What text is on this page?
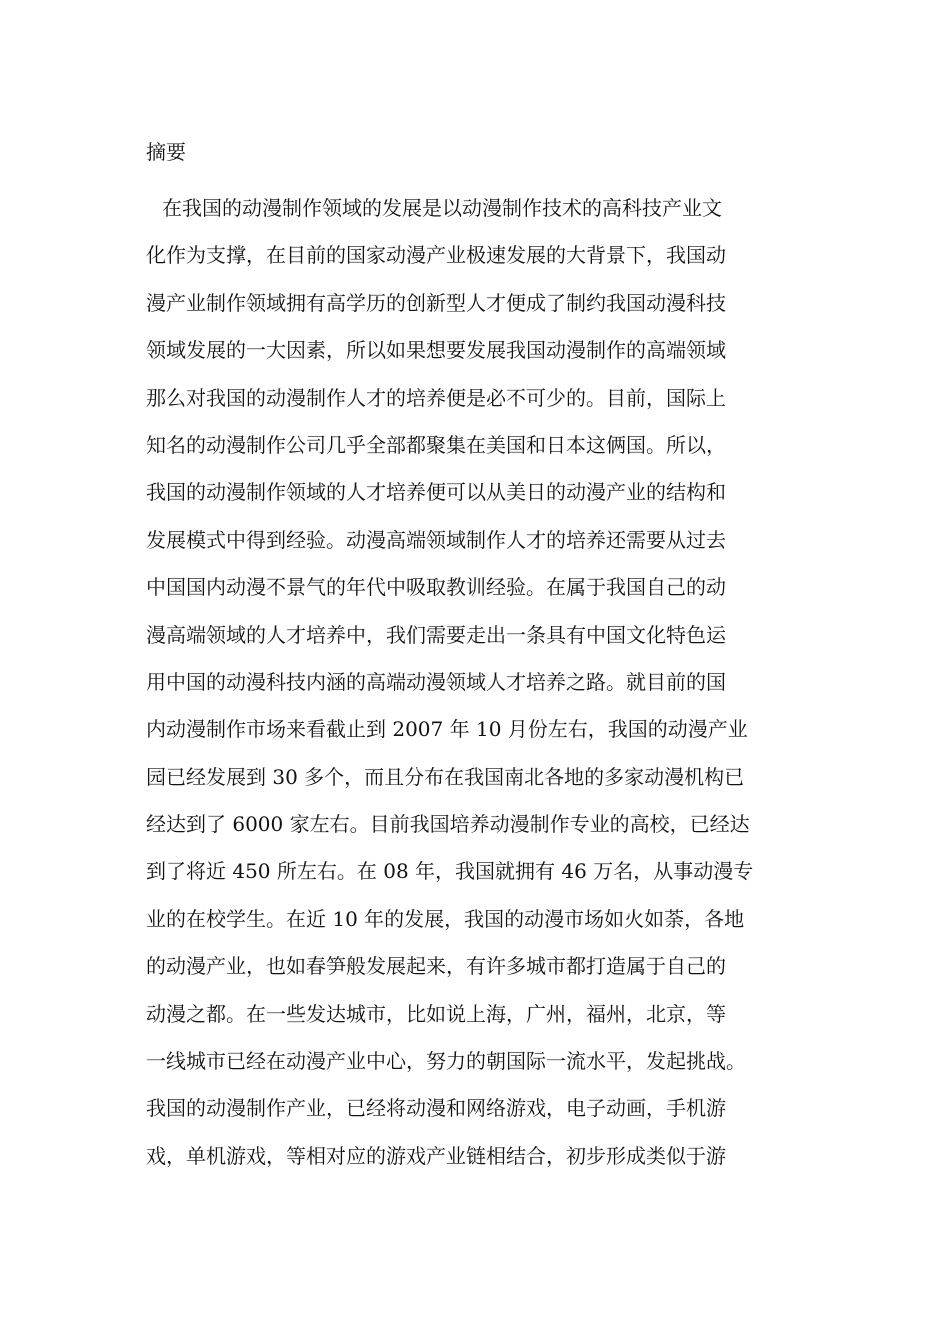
摘要
在我国的动漫制作领域的发展是以动漫制作技术的高科技产业文
化作为支撑，在目前的国家动漫产业极速发展的大背景下，我国动
漫产业制作领域拥有高学历的创新型人才便成了制约我国动漫科技
领域发展的一大因素，所以如果想要发展我国动漫制作的高端领域
那么对我国的动漫制作人才的培养便是必不可少的。目前，国际上
知名的动漫制作公司几乎全部都聚集在美国和日本这俩国。所以，
我国的动漫制作领域的人才培养便可以从美日的动漫产业的结构和
发展模式中得到经验。动漫高端领域制作人才的培养还需要从过去
中国国内动漫不景气的年代中吸取教训经验。在属于我国自己的动
漫高端领域的人才培养中，我们需要走出一条具有中国文化特色运
用中国的动漫科技内涵的高端动漫领域人才培养之路。就目前的国
内动漫制作市场来看截止到 2007 年 10 月份左右，我国的动漫产业
园已经发展到 30 多个，而且分布在我国南北各地的多家动漫机构已
经达到了 6000 家左右。目前我国培养动漫制作专业的高校，已经达
到了将近 450 所左右。在 08 年，我国就拥有 46 万名，从事动漫专
业的在校学生。在近 10 年的发展，我国的动漫市场如火如荼，各地
的动漫产业，也如春笋般发展起来，有许多城市都打造属于自己的
动漫之都。在一些发达城市，比如说上海，广州，福州，北京，等
一线城市已经在动漫产业中心，努力的朝国际一流水平，发起挑战。
我国的动漫制作产业，已经将动漫和网络游戏，电子动画，手机游
戏，单机游戏，等相对应的游戏产业链相结合，初步形成类似于游
